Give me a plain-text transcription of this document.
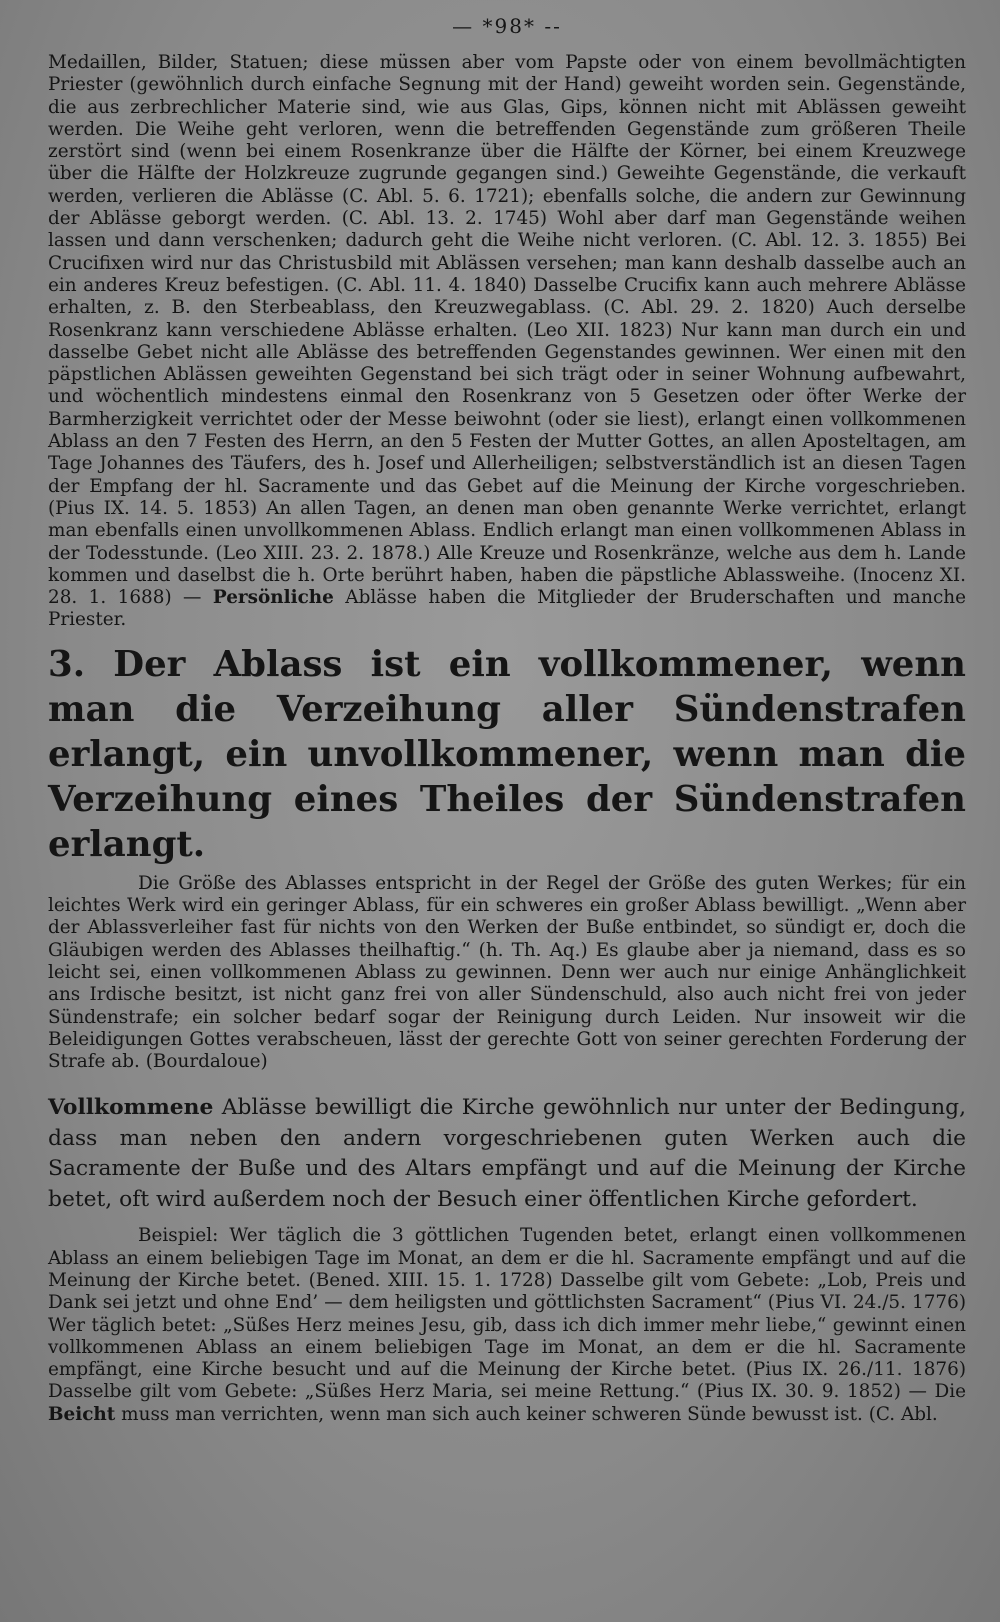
— *98* --

Medaillen, Bilder, Statuen; diese müssen aber vom Papste oder von einem bevollmächtigten Priester (gewöhnlich durch einfache Segnung mit der Hand) geweiht worden sein. Gegenstände, die aus zerbrechlicher Materie sind, wie aus Glas, Gips, können nicht mit Ablässen geweiht werden. Die Weihe geht verloren, wenn die betreffenden Gegenstände zum größeren Theile zerstört sind (wenn bei einem Rosenkranze über die Hälfte der Körner, bei einem Kreuzwege über die Hälfte der Holzkreuze zugrunde gegangen sind.) Geweihte Gegenstände, die verkauft werden, verlieren die Ablässe (C. Abl. 5. 6. 1721); ebenfalls solche, die andern zur Gewinnung der Ablässe geborgt werden. (C. Abl. 13. 2. 1745) Wohl aber darf man Gegenstände weihen lassen und dann verschenken; dadurch geht die Weihe nicht verloren. (C. Abl. 12. 3. 1855) Bei Crucifixen wird nur das Christusbild mit Ablässen versehen; man kann deshalb dasselbe auch an ein anderes Kreuz befestigen. (C. Abl. 11. 4. 1840) Dasselbe Crucifix kann auch mehrere Ablässe erhalten, z. B. den Sterbeablass, den Kreuzwegablass. (C. Abl. 29. 2. 1820) Auch derselbe Rosenkranz kann verschiedene Ablässe erhalten. (Leo XII. 1823) Nur kann man durch ein und dasselbe Gebet nicht alle Ablässe des betreffenden Gegenstandes gewinnen. Wer einen mit den päpstlichen Ablässen geweihten Gegenstand bei sich trägt oder in seiner Wohnung aufbewahrt, und wöchentlich mindestens einmal den Rosenkranz von 5 Gesetzen oder öfter Werke der Barmherzigkeit verrichtet oder der Messe beiwohnt (oder sie liest), erlangt einen vollkommenen Ablass an den 7 Festen des Herrn, an den 5 Festen der Mutter Gottes, an allen Aposteltagen, am Tage Johannes des Täufers, des h. Josef und Allerheiligen; selbstverständlich ist an diesen Tagen der Empfang der hl. Sacramente und das Gebet auf die Meinung der Kirche vorgeschrieben. (Pius IX. 14. 5. 1853) An allen Tagen, an denen man oben genannte Werke verrichtet, erlangt man ebenfalls einen unvollkommenen Ablass. Endlich erlangt man einen vollkommenen Ablass in der Todesstunde. (Leo XIII. 23. 2. 1878.) Alle Kreuze und Rosenkränze, welche aus dem h. Lande kommen und daselbst die h. Orte berührt haben, haben die päpstliche Ablassweihe. (Inocenz XI. 28. 1. 1688) — Persönliche Ablässe haben die Mitglieder der Bruderschaften und manche Priester.

3. Der Ablass ist ein vollkommener, wenn man die Verzeihung aller Sündenstrafen erlangt, ein unvollkommener, wenn man die Verzeihung eines Theiles der Sündenstrafen erlangt.

Die Größe des Ablasses entspricht in der Regel der Größe des guten Werkes; für ein leichtes Werk wird ein geringer Ablass, für ein schweres ein großer Ablass bewilligt. „Wenn aber der Ablassverleiher fast für nichts von den Werken der Buße entbindet, so sündigt er, doch die Gläubigen werden des Ablasses theilhaftig.“ (h. Th. Aq.) Es glaube aber ja niemand, dass es so leicht sei, einen vollkommenen Ablass zu gewinnen. Denn wer auch nur einige Anhänglichkeit ans Irdische besitzt, ist nicht ganz frei von aller Sündenschuld, also auch nicht frei von jeder Sündenstrafe; ein solcher bedarf sogar der Reinigung durch Leiden. Nur insoweit wir die Beleidigungen Gottes verabscheuen, lässt der gerechte Gott von seiner gerechten Forderung der Strafe ab. (Bourdaloue)

Vollkommene Ablässe bewilligt die Kirche gewöhnlich nur unter der Bedingung, dass man neben den andern vorgeschriebenen guten Werken auch die Sacramente der Buße und des Altars empfängt und auf die Meinung der Kirche betet, oft wird außerdem noch der Besuch einer öffentlichen Kirche gefordert.

Beispiel: Wer täglich die 3 göttlichen Tugenden betet, erlangt einen vollkommenen Ablass an einem beliebigen Tage im Monat, an dem er die hl. Sacramente empfängt und auf die Meinung der Kirche betet. (Bened. XIII. 15. 1. 1728) Dasselbe gilt vom Gebete: „Lob, Preis und Dank sei jetzt und ohne End’ — dem heiligsten und göttlichsten Sacrament“ (Pius VI. 24./5. 1776) Wer täglich betet: „Süßes Herz meines Jesu, gib, dass ich dich immer mehr liebe,“ gewinnt einen vollkommenen Ablass an einem beliebigen Tage im Monat, an dem er die hl. Sacramente empfängt, eine Kirche besucht und auf die Meinung der Kirche betet. (Pius IX. 26./11. 1876) Dasselbe gilt vom Gebete: „Süßes Herz Maria, sei meine Rettung.“ (Pius IX. 30. 9. 1852) — Die Beicht muss man verrichten, wenn man sich auch keiner schweren Sünde bewusst ist. (C. Abl.
